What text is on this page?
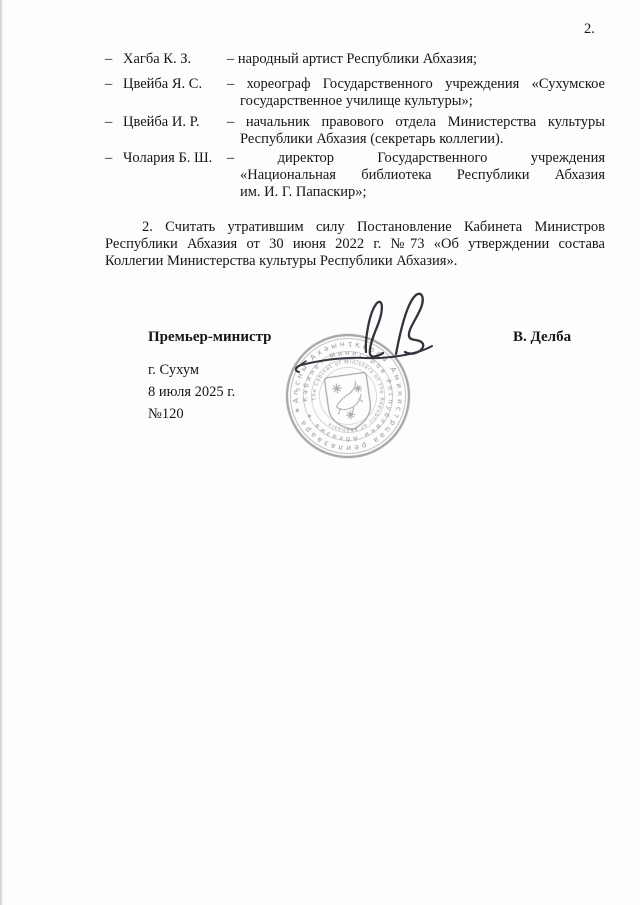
2.
– Хагба К. З.	– народный артист Республики Абхазия;
– Цвейба Я. С.	– хореограф Государственного учреждения «Сухумское
государственное училище культуры»;
– Цвейба И. Р.	– начальник правового отдела Министерства культуры
Республики Абхазия (секретарь коллегии).
– Чолария Б. Ш.	– директор Государственного учреждения
«Национальная библиотека Республики Абхазия
им. И. Г. Папаскир»;
2. Считать утратившим силу Постановление Кабинета Министров
Республики Абхазия от 30 июня 2022 г. №73 «Об утверждении состава
Коллегии Министерства культуры Республики Абхазия».
Премьер-министр	В. Делба
г. Сухум
8 июля 2025 г.
№120
Аҧсны Ахәынҭқарра Аминистрцәа реилазаара ✶
Кабинет Министров Республики Абхазия ✶
The Cabinet of Ministers of the Republic of Abkhazia
